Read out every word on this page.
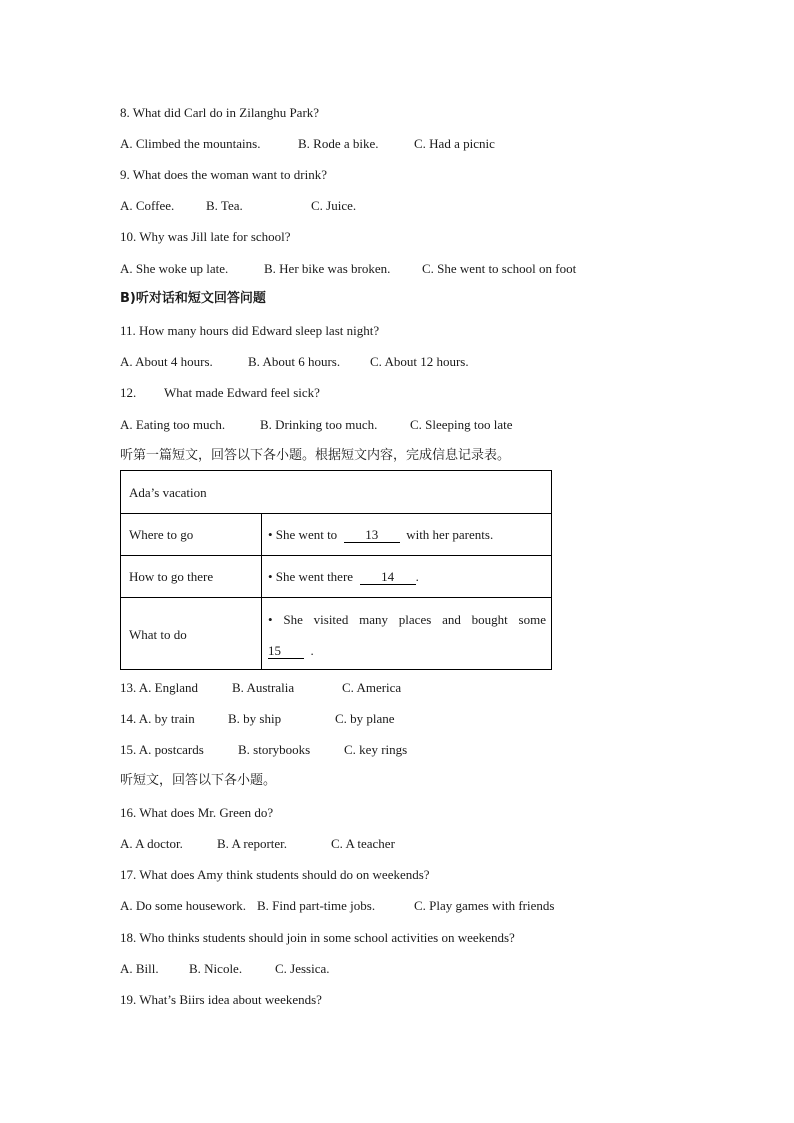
8. What did Carl do in Zilanghu Park?
A. Climbed the mountains.	B. Rode a bike.	C. Had a picnic
9. What does the woman want to drink?
A. Coffee. B. Tea.	C. Juice.
10. Why was Jill late for school?
A. She woke up late.	B. Her bike was broken. C. She went to school on foot
B)听对话和短文回答问题
11. How many hours did Edward sleep last night?
A. About 4 hours.	B. About 6 hours. C. About 12 hours.
12. What made Edward feel sick?
A. Eating too much.	B. Drinking too much.	C. Sleeping too late
听第一篇短文，回答以下各小题。根据短文内容，完成信息记录表。
Ada’s vacation
Where to go	• She went to 13 with her parents.
How to go there	• She went there 14 .
What to do
• She visited many places and bought some
15 .
13. A. England	B. Australia	C. America
14. A. by train	B. by ship	C. by plane
15. A. postcards	B. storybooks	C. key rings
听短文，回答以下各小题。
16. What does Mr. Green do?
A. A doctor.	B. A reporter.	C. A teacher
17. What does Amy think students should do on weekends?
A. Do some housework. B. Find part-time jobs.	C. Play games with friends
18. Who thinks students should join in some school activities on weekends?
A. Bill. B. Nicole.	C. Jessica.
19. What’s Biirs idea about weekends?
